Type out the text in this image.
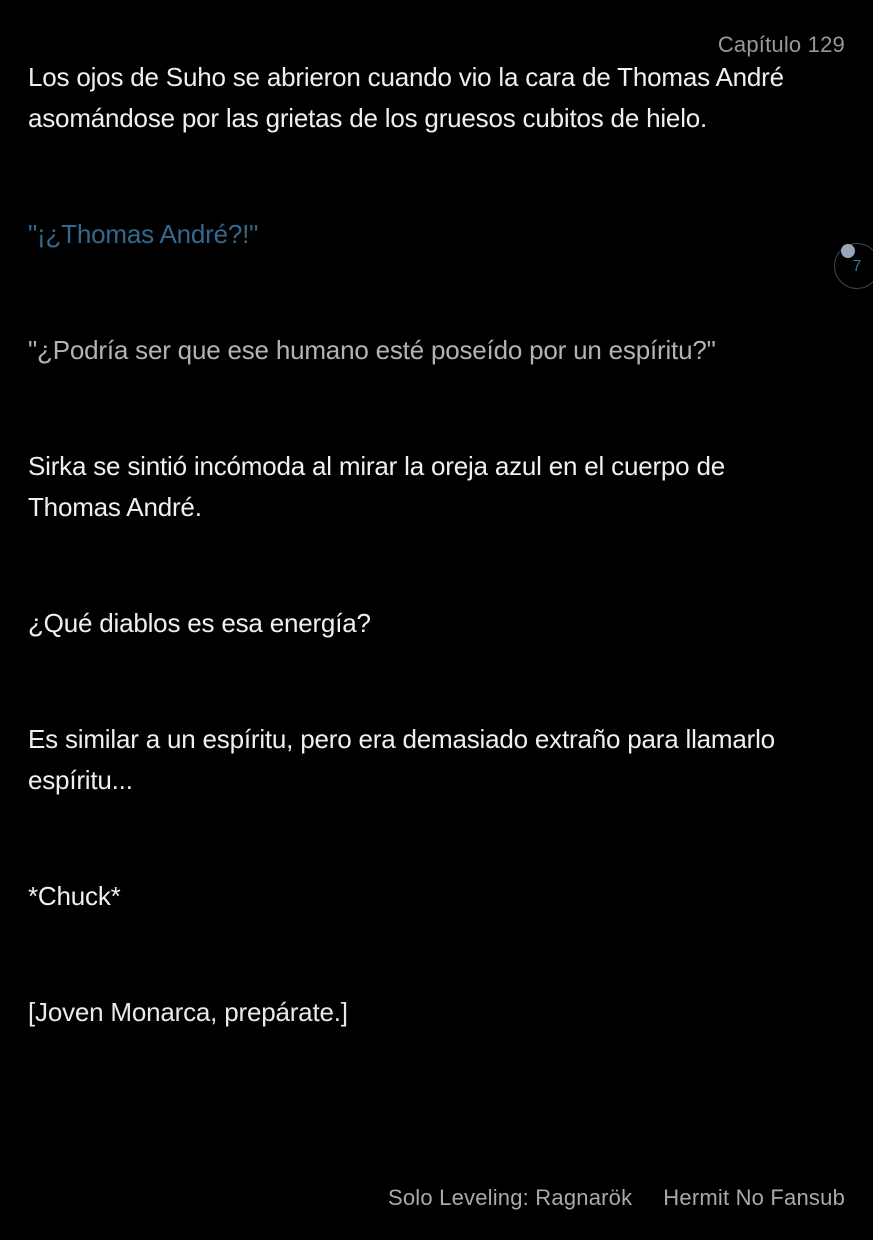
Capítulo 129

Los ojos de Suho se abrieron cuando vio la cara de Thomas André asomándose por las grietas de los gruesos cubitos de hielo.

"¡¿Thomas André?!"

"¿Podría ser que ese humano esté poseído por un espíritu?"

Sirka se sintió incómoda al mirar la oreja azul en el cuerpo de Thomas André.

¿Qué diablos es esa energía?

Es similar a un espíritu, pero era demasiado extraño para llamarlo espíritu...

*Chuck*

[Joven Monarca, prepárate.]

7
Solo Leveling: Ragnarök Hermit No Fansub
